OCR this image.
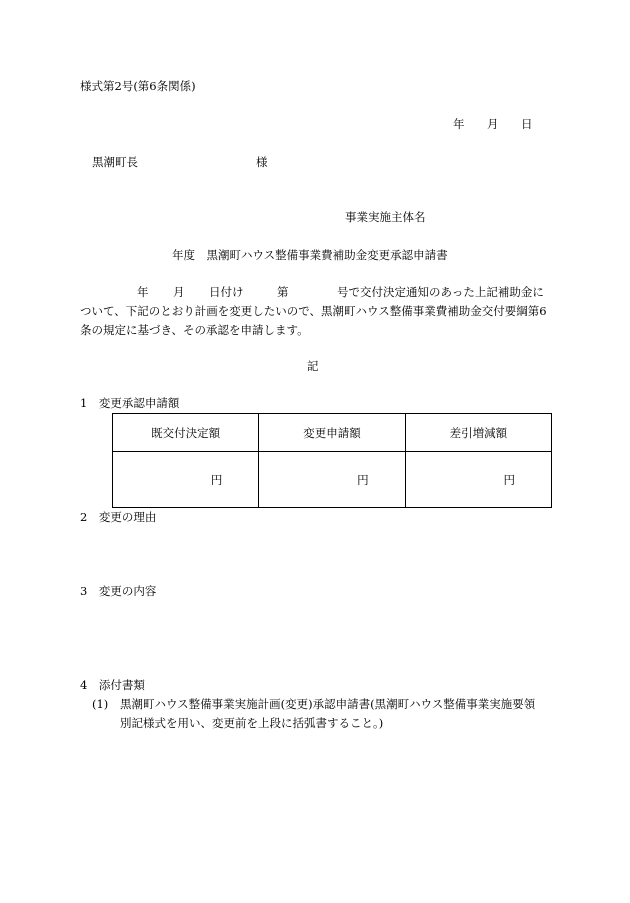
様式第2号(第6条関係)
年 月 日
黒潮町長	様
事業実施主体名
年度　黒潮町ハウス整備事業費補助金変更承認申請書
年 月 日付け	第	号で交付決定通知のあった上記補助金に
ついて、下記のとおり計画を変更したいので、黒潮町ハウス整備事業費補助金交付要綱第6
条の規定に基づき、その承認を申請します。
記
1　変更承認申請額
既交付決定額	変更申請額	差引増減額
円	円	円
2　変更の理由
3　変更の内容
4　添付書類
(1) 黒潮町ハウス整備事業実施計画(変更)承認申請書(黒潮町ハウス整備事業実施要領
別記様式を用い、変更前を上段に括弧書すること。)
